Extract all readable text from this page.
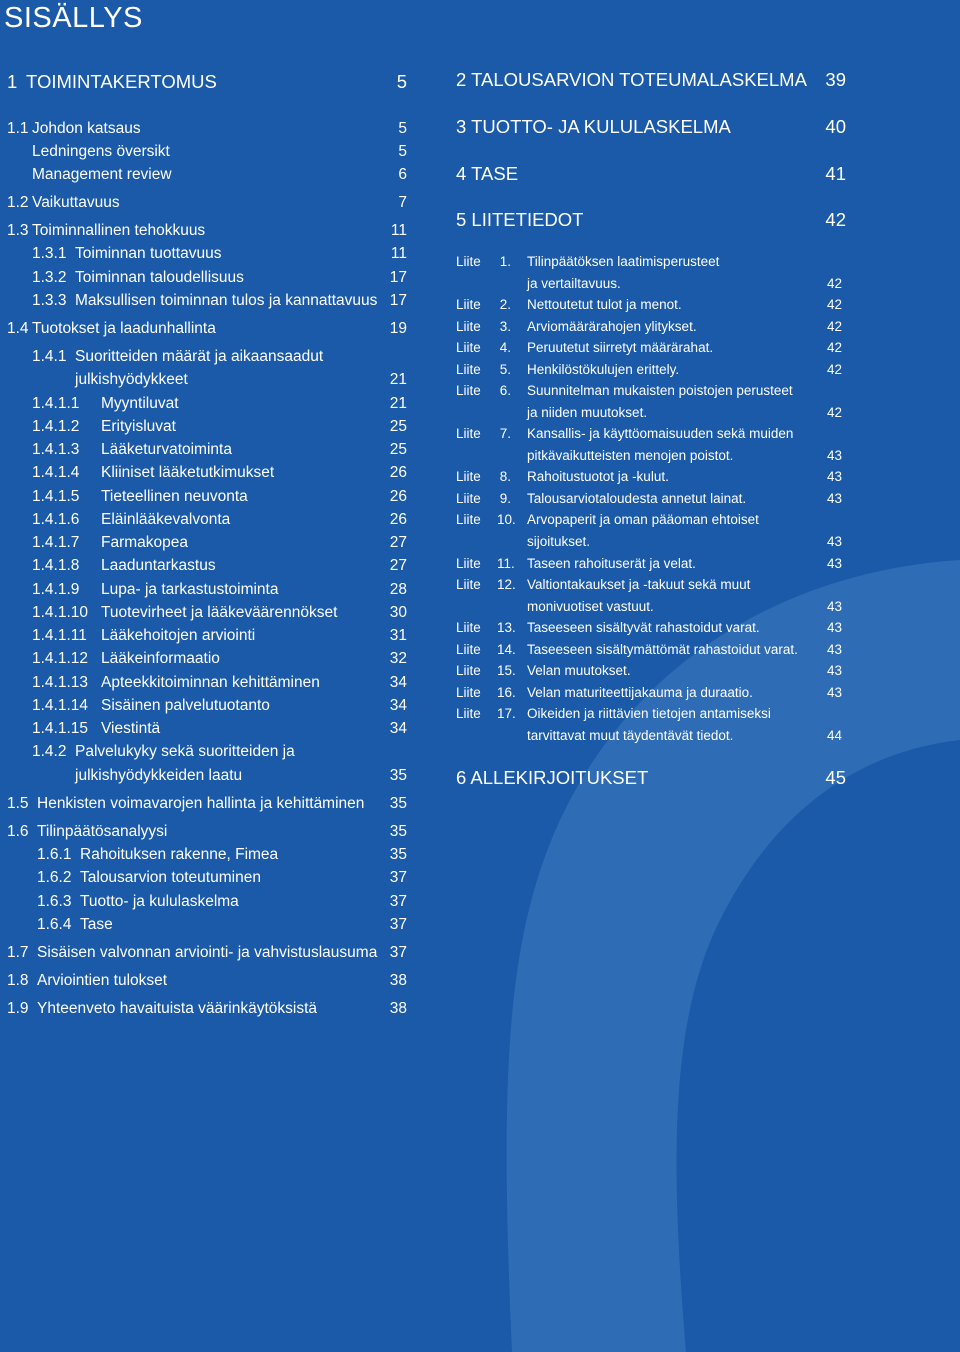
SISÄLLYS
1 TOIMINTAKERTOMUS	5
1.1 Johdon katsaus	5
Ledningens översikt	5
Management review	6
1.2 Vaikuttavuus	7
1.3 Toiminnallinen tehokkuus	11
1.3.1 Toiminnan tuottavuus	11
1.3.2 Toiminnan taloudellisuus	17
1.3.3 Maksullisen toiminnan tulos ja kannattavuus 17
1.4 Tuotokset ja laadunhallinta	19
1.4.1 Suoritteiden määrät ja aikaansaadut
julkishyödykkeet	21
1.4.1.1 Myyntiluvat	21
1.4.1.2 Erityisluvat	25
1.4.1.3 Lääketurvatoiminta	25
1.4.1.4 Kliiniset lääketutkimukset	26
1.4.1.5 Tieteellinen neuvonta	26
1.4.1.6 Eläinlääkevalvonta	26
1.4.1.7 Farmakopea	27
1.4.1.8 Laaduntarkastus	27
1.4.1.9 Lupa- ja tarkastustoiminta	28
1.4.1.10 Tuotevirheet ja lääkeväärennökset	30
1.4.1.11 Lääkehoitojen arviointi	31
1.4.1.12 Lääkeinformaatio	32
1.4.1.13 Apteekkitoiminnan kehittäminen	34
1.4.1.14 Sisäinen palvelutuotanto	34
1.4.1.15 Viestintä	34
1.4.2 Palvelukyky sekä suoritteiden ja
julkishyödykkeiden laatu	35
1.5 Henkisten voimavarojen hallinta ja kehittäminen 35
1.6 Tilinpäätösanalyysi	35
1.6.1 Rahoituksen rakenne, Fimea	35
1.6.2 Talousarvion toteutuminen	37
1.6.3 Tuotto- ja kululaskelma	37
1.6.4 Tase	37
1.7 Sisäisen valvonnan arviointi- ja vahvistuslausuma 37
1.8 Arviointien tulokset	38
1.9 Yhteenveto havaituista väärinkäytöksistä	38
2 TALOUSARVION TOTEUMALASKELMA 39
3 TUOTTO- JA KULULASKELMA	40
4 TASE	41
5 LIITETIEDOT	42
Liite 1. Tilinpäätöksen laatimisperusteet
ja vertailtavuus.	42
Liite 2. Nettoutetut tulot ja menot.	42
Liite 3. Arviomäärärahojen ylitykset.	42
Liite 4. Peruutetut siirretyt määrärahat.	42
Liite 5. Henkilöstökulujen erittely.	42
Liite 6. Suunnitelman mukaisten poistojen perusteet
ja niiden muutokset.	42
Liite 7. Kansallis- ja käyttöomaisuuden sekä muiden
pitkävaikutteisten menojen poistot.	43
Liite 8. Rahoitustuotot ja -kulut.	43
Liite 9. Talousarviotaloudesta annetut lainat.	43
Liite 10. Arvopaperit ja oman pääoman ehtoiset
sijoitukset.	43
Liite 11. Taseen rahoituserät ja velat.	43
Liite 12. Valtiontakaukset ja -takuut sekä muut
monivuotiset vastuut.	43
Liite 13. Taseeseen sisältyvät rahastoidut varat.	43
Liite 14. Taseeseen sisältymättömät rahastoidut varat. 43
Liite 15. Velan muutokset.	43
Liite 16. Velan maturiteettijakauma ja duraatio.	43
Liite 17. Oikeiden ja riittävien tietojen antamiseksi
tarvittavat muut täydentävät tiedot.	44
6 ALLEKIRJOITUKSET	45
